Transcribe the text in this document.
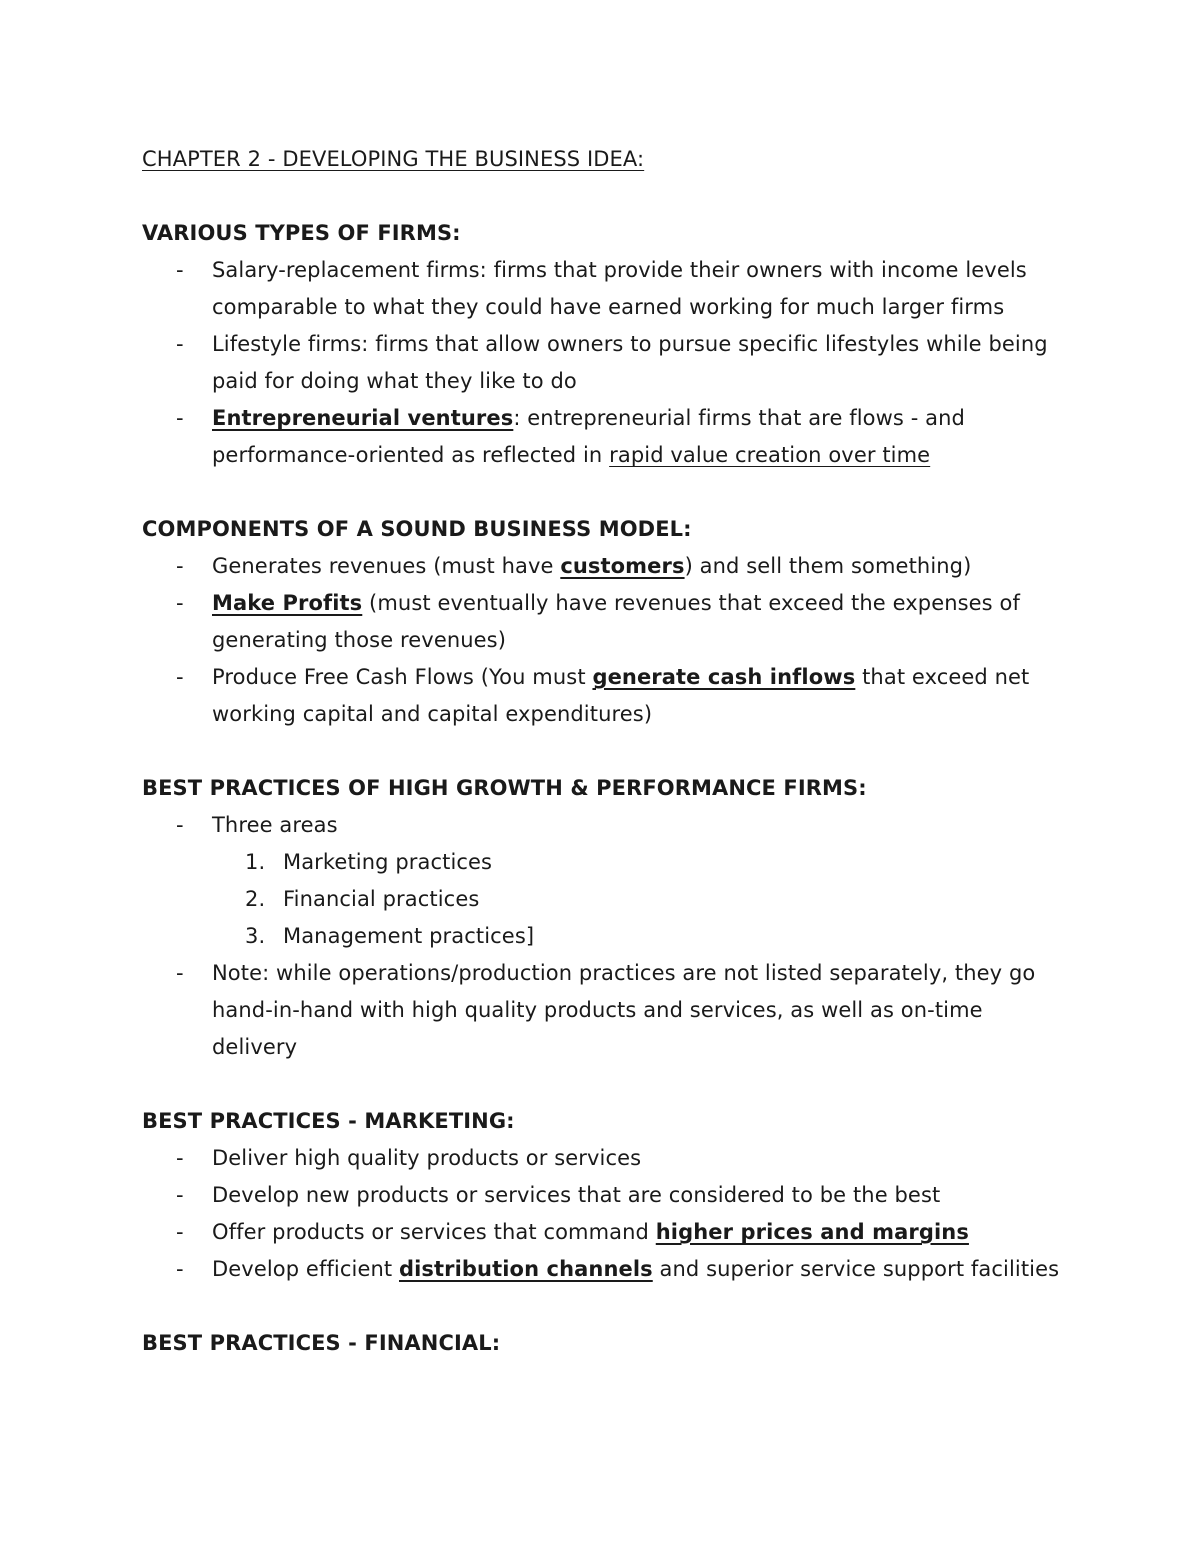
CHAPTER 2 - DEVELOPING THE BUSINESS IDEA:

VARIOUS TYPES OF FIRMS:

-	Salary-replacement firms: firms that provide their owners with income levels comparable to what they could have earned working for much larger firms
-	Lifestyle firms: firms that allow owners to pursue specific lifestyles while being paid for doing what they like to do
-	Entrepreneurial ventures: entrepreneurial firms that are flows - and performance-oriented as reflected in rapid value creation over time

COMPONENTS OF A SOUND BUSINESS MODEL:

-	Generates revenues (must have customers) and sell them something)
-	Make Profits (must eventually have revenues that exceed the expenses of generating those revenues)
-	Produce Free Cash Flows (You must generate cash inflows that exceed net working capital and capital expenditures)

BEST PRACTICES OF HIGH GROWTH & PERFORMANCE FIRMS:

-	Three areas
1. Marketing practices
2. Financial practices
3. Management practices]
-	Note: while operations/production practices are not listed separately, they go hand-in-hand with high quality products and services, as well as on-time delivery

BEST PRACTICES - MARKETING:

-	Deliver high quality products or services
-	Develop new products or services that are considered to be the best
-	Offer products or services that command higher prices and margins
-	Develop efficient distribution channels and superior service support facilities

BEST PRACTICES - FINANCIAL:
